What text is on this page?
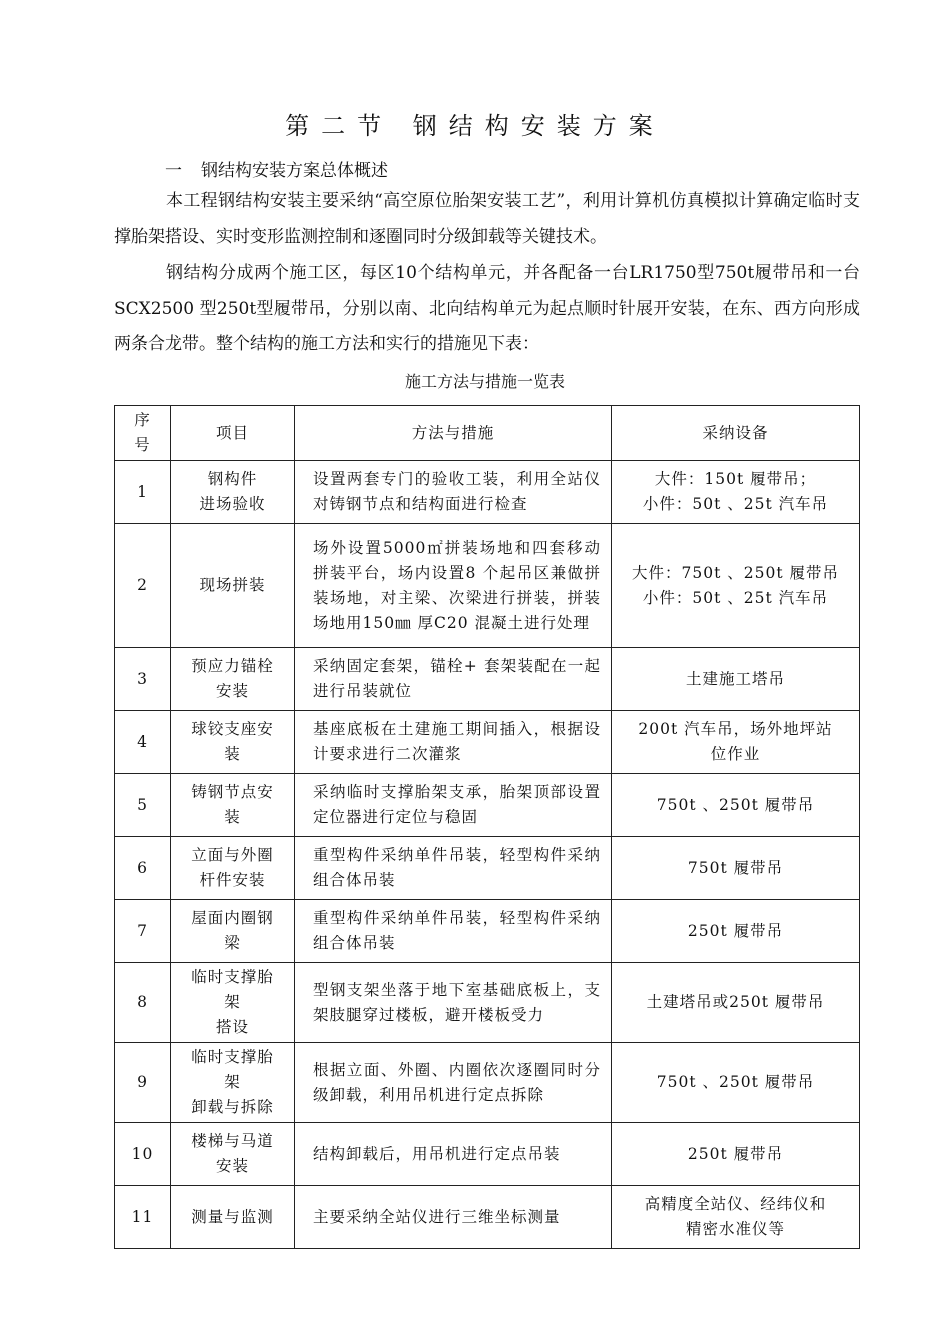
第二节 钢结构安装方案
一 钢结构安装方案总体概述

本工程钢结构安装主要采纳“高空原位胎架安装工艺”，利用计算机仿真模拟计算确定临时支撑胎架搭设、实时变形监测控制和逐圈同时分级卸载等关键技术。

钢结构分成两个施工区，每区10个结构单元，并各配备一台LR1750型750t履带吊和一台SCX2500 型250t型履带吊，分别以南、北向结构单元为起点顺时针展开安装，在东、西方向形成两条合龙带。整个结构的施工方法和实行的措施见下表：

施工方法与措施一览表
序号	项目	方法与措施	采纳设备
1	钢构件
进场验收	设置两套专门的验收工装，利用全站仪对铸钢节点和结构面进行检查	大件：150t 履带吊；
小件：50t 、25t 汽车吊

2	现场拼装	场外设置5000㎡拼装场地和四套移动拼装平台，场内设置8 个起吊区兼做拼装场地，对主梁、次梁进行拼装，拼装场地用150㎜ 厚C20 混凝土进行处理	大件：750t 、250t 履带吊
小件：50t 、25t 汽车吊

3	预应力锚栓
安装	采纳固定套架，锚栓+ 套架装配在一起进行吊装就位	土建施工塔吊

4	球铰支座安
装	基座底板在土建施工期间插入，根据设计要求进行二次灌浆	200t 汽车吊，场外地坪站
位作业

5	铸钢节点安
装	采纳临时支撑胎架支承，胎架顶部设置定位器进行定位与稳固	750t 、250t 履带吊

6	立面与外圈
杆件安装	重型构件采纳单件吊装，轻型构件采纳组合体吊装	750t 履带吊

7	屋面内圈钢
梁	重型构件采纳单件吊装，轻型构件采纳组合体吊装	250t 履带吊

8	临时支撑胎
架
搭设	型钢支架坐落于地下室基础底板上，支架肢腿穿过楼板，避开楼板受力	土建塔吊或250t 履带吊

9	临时支撑胎
架
卸载与拆除	根据立面、外圈、内圈依次逐圈同时分级卸载，利用吊机进行定点拆除	750t 、250t 履带吊

10	楼梯与马道
安装	结构卸载后，用吊机进行定点吊装	250t 履带吊

11	测量与监测	主要采纳全站仪进行三维坐标测量	高精度全站仪、经纬仪和
精密水准仪等
